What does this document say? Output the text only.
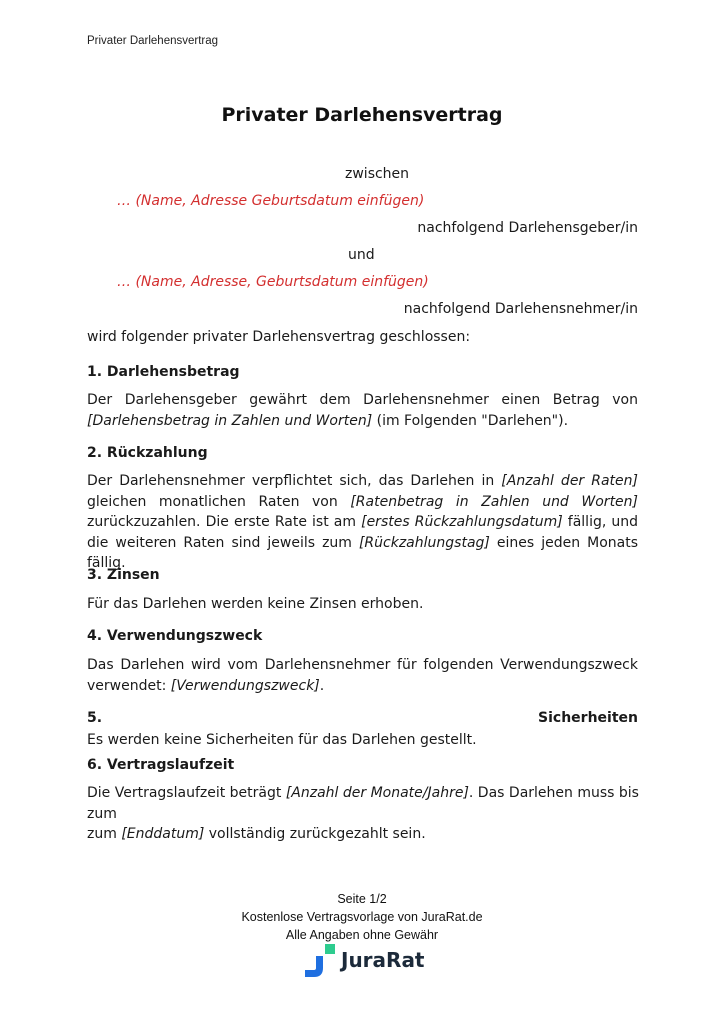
Privater Darlehensvertrag
Privater Darlehensvertrag
zwischen
… (Name, Adresse Geburtsdatum einfügen)
nachfolgend Darlehensgeber/in
und
… (Name, Adresse, Geburtsdatum einfügen)
nachfolgend Darlehensnehmer/in
wird folgender privater Darlehensvertrag geschlossen:
1. Darlehensbetrag
Der Darlehensgeber gewährt dem Darlehensnehmer einen Betrag von [Darlehensbetrag in Zahlen und Worten] (im Folgenden "Darlehen").
2. Rückzahlung
Der Darlehensnehmer verpflichtet sich, das Darlehen in [Anzahl der Raten] gleichen monatlichen Raten von [Ratenbetrag in Zahlen und Worten] zurückzuzahlen. Die erste Rate ist am [erstes Rückzahlungsdatum] fällig, und die weiteren Raten sind jeweils zum [Rückzahlungstag] eines jeden Monats fällig.
3. Zinsen
Für das Darlehen werden keine Zinsen erhoben.
4. Verwendungszweck
Das Darlehen wird vom Darlehensnehmer für folgenden Verwendungszweck verwendet: [Verwendungszweck].
5.	Sicherheiten
Es werden keine Sicherheiten für das Darlehen gestellt.
6. Vertragslaufzeit
Die Vertragslaufzeit beträgt [Anzahl der Monate/Jahre]. Das Darlehen muss bis zum
zum [Enddatum] vollständig zurückgezahlt sein.
Seite 1/2
Kostenlose Vertragsvorlage von JuraRat.de
Alle Angaben ohne Gewähr
JuraRat
